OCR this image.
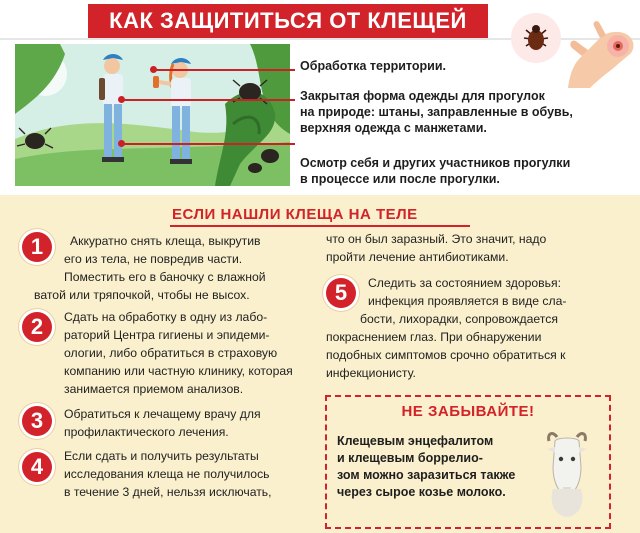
КАК ЗАЩИТИТЬСЯ ОТ КЛЕЩЕЙ

Обработка территории.

Закрытая форма одежды для прогулок

на природе: штаны, заправленные в обувь,

верхняя одежда с манжетами.

Осмотр себя и других участников прогулки

в процессе или после прогулки.

ЕСЛИ НАШЛИ КЛЕЩА НА ТЕЛЕ
1	Аккуратно снять клеща, выкрутив
его из тела, не повредив части.
Поместить его в баночку с влажной
ватой или тряпочкой, чтобы не высох.
2	Сдать на обработку в одну из лабо-
раторий Центра гигиены и эпидеми-
ологии, либо обратиться в страховую
компанию или частную клинику, которая
занимается приемом анализов.
3	Обратиться к лечащему врачу для
профилактического лечения.
4	Если сдать и получить результаты
исследования клеща не получилось
в течение 3 дней, нельзя исключать,
что он был заразный. Это значит, надо
пройти лечение антибиотиками.
5	Следить за состоянием здоровья:
инфекция проявляется в виде сла-
бости, лихорадки, сопровождается
покраснением глаз. При обнаружении
подобных симптомов срочно обратиться к
инфекционисту.
НЕ ЗАБЫВАЙТЕ!
Клещевым энцефалитом
и клещевым боррелио-
зом можно заразиться также
через сырое козье молоко.
